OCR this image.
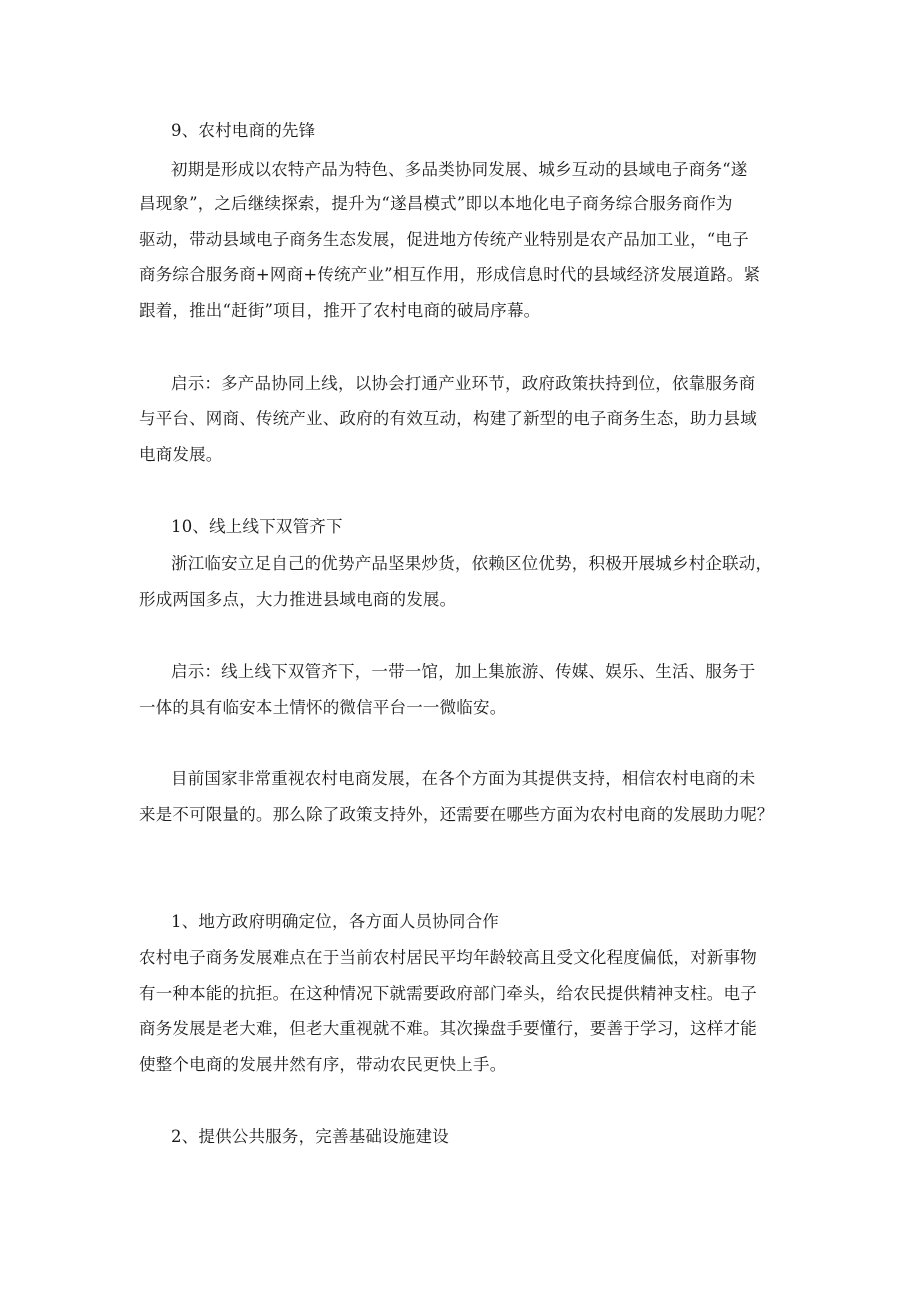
9、农村电商的先锋
初期是形成以农特产品为特色、多品类协同发展、城乡互动的县域电子商务“遂
昌现象”，之后继续探索，提升为“遂昌模式”即以本地化电子商务综合服务商作为
驱动，带动县域电子商务生态发展，促进地方传统产业特别是农产品加工业，“电子
商务综合服务商+网商+传统产业”相互作用，形成信息时代的县域经济发展道路。紧
跟着，推出“赶街”项目，推开了农村电商的破局序幕。
启示：多产品协同上线，以协会打通产业环节，政府政策扶持到位，依靠服务商
与平台、网商、传统产业、政府的有效互动，构建了新型的电子商务生态，助力县域
电商发展。
10、线上线下双管齐下
浙江临安立足自己的优势产品坚果炒货，依赖区位优势，积极开展城乡村企联动，
形成两国多点，大力推进县域电商的发展。
启示：线上线下双管齐下，一带一馆，加上集旅游、传媒、娱乐、生活、服务于
一体的具有临安本土情怀的微信平台一一微临安。
目前国家非常重视农村电商发展，在各个方面为其提供支持，相信农村电商的未
来是不可限量的。那么除了政策支持外，还需要在哪些方面为农村电商的发展助力呢？
1、地方政府明确定位，各方面人员协同合作
农村电子商务发展难点在于当前农村居民平均年龄较高且受文化程度偏低，对新事物
有一种本能的抗拒。在这种情况下就需要政府部门牵头，给农民提供精神支柱。电子
商务发展是老大难，但老大重视就不难。其次操盘手要懂行，要善于学习，这样才能
使整个电商的发展井然有序，带动农民更快上手。
2、提供公共服务，完善基础设施建设
